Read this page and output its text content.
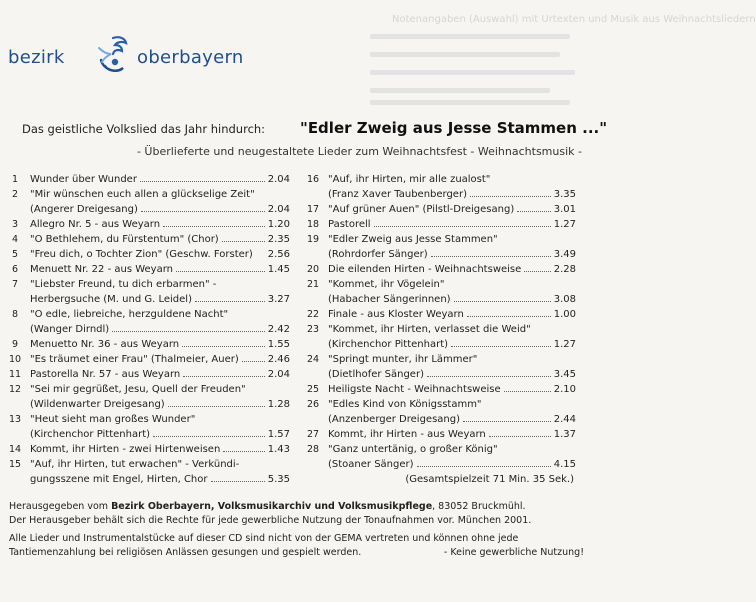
Notenangaben (Auswahl) mit Urtexten und Musik aus Weihnachtsliedern
bezirk	oberbayern
Das geistliche Volkslied das Jahr hindurch: "Edler Zweig aus Jesse Stammen ..."
- Überlieferte und neugestaltete Lieder zum Weihnachtsfest - Weihnachtsmusik -
1	Wunder über Wunder	2.04
2	"Mir wünschen euch allen a glückselige Zeit"
(Angerer Dreigesang)	2.04
3	Allegro Nr. 5 - aus Weyarn	1.20
4	"O Bethlehem, du Fürstentum" (Chor)	2.35
5	"Freu dich, o Tochter Zion" (Geschw. Forster) 2.56
6	Menuett Nr. 22 - aus Weyarn	1.45
7	"Liebster Freund, tu dich erbarmen" -
Herbergsuche (M. und G. Leidel)	3.27
8	"O edle, liebreiche, herzguldene Nacht"
(Wanger Dirndl)	2.42
9	Menuetto Nr. 36 - aus Weyarn	1.55
10 "Es träumet einer Frau" (Thalmeier, Auer)	2.46
11 Pastorella Nr. 57 - aus Weyarn	2.04
12 "Sei mir gegrüßet, Jesu, Quell der Freuden"
(Wildenwarter Dreigesang)	1.28
13 "Heut sieht man großes Wunder"
(Kirchenchor Pittenhart)	1.57
14 Kommt, ihr Hirten - zwei Hirtenweisen	1.43
15 "Auf, ihr Hirten, tut erwachen" - Verkündi-
gungsszene mit Engel, Hirten, Chor	5.35
16 "Auf, ihr Hirten, mir alle zualost"
(Franz Xaver Taubenberger)	3.35
17 "Auf grüner Auen" (Pilstl-Dreigesang)	3.01
18 Pastorell	1.27
19 "Edler Zweig aus Jesse Stammen"
(Rohrdorfer Sänger)	3.49
20 Die eilenden Hirten - Weihnachtsweise	2.28
21 "Kommet, ihr Vögelein"
(Habacher Sängerinnen)	3.08
22 Finale - aus Kloster Weyarn	1.00
23 "Kommet, ihr Hirten, verlasset die Weid"
(Kirchenchor Pittenhart)	1.27
24 "Springt munter, ihr Lämmer"
(Dietlhofer Sänger)	3.45
25 Heiligste Nacht - Weihnachtsweise	2.10
26 "Edles Kind von Königsstamm"
(Anzenberger Dreigesang)	2.44
27 Kommt, ihr Hirten - aus Weyarn	1.37
28 "Ganz untertänig, o großer König"
(Stoaner Sänger)	4.15
(Gesamtspielzeit 71 Min. 35 Sek.)

Herausgegeben vom Bezirk Oberbayern, Volksmusikarchiv und Volksmusikpflege, 83052 Bruckmühl.
Der Herausgeber behält sich die Rechte für jede gewerbliche Nutzung der Tonaufnahmen vor. München 2001.

Alle Lieder und Instrumentalstücke auf dieser CD sind nicht von der GEMA vertreten und können ohne jede

Tantiemenzahlung bei religiösen Anlässen gesungen und gespielt werden.	- Keine gewerbliche Nutzung!
